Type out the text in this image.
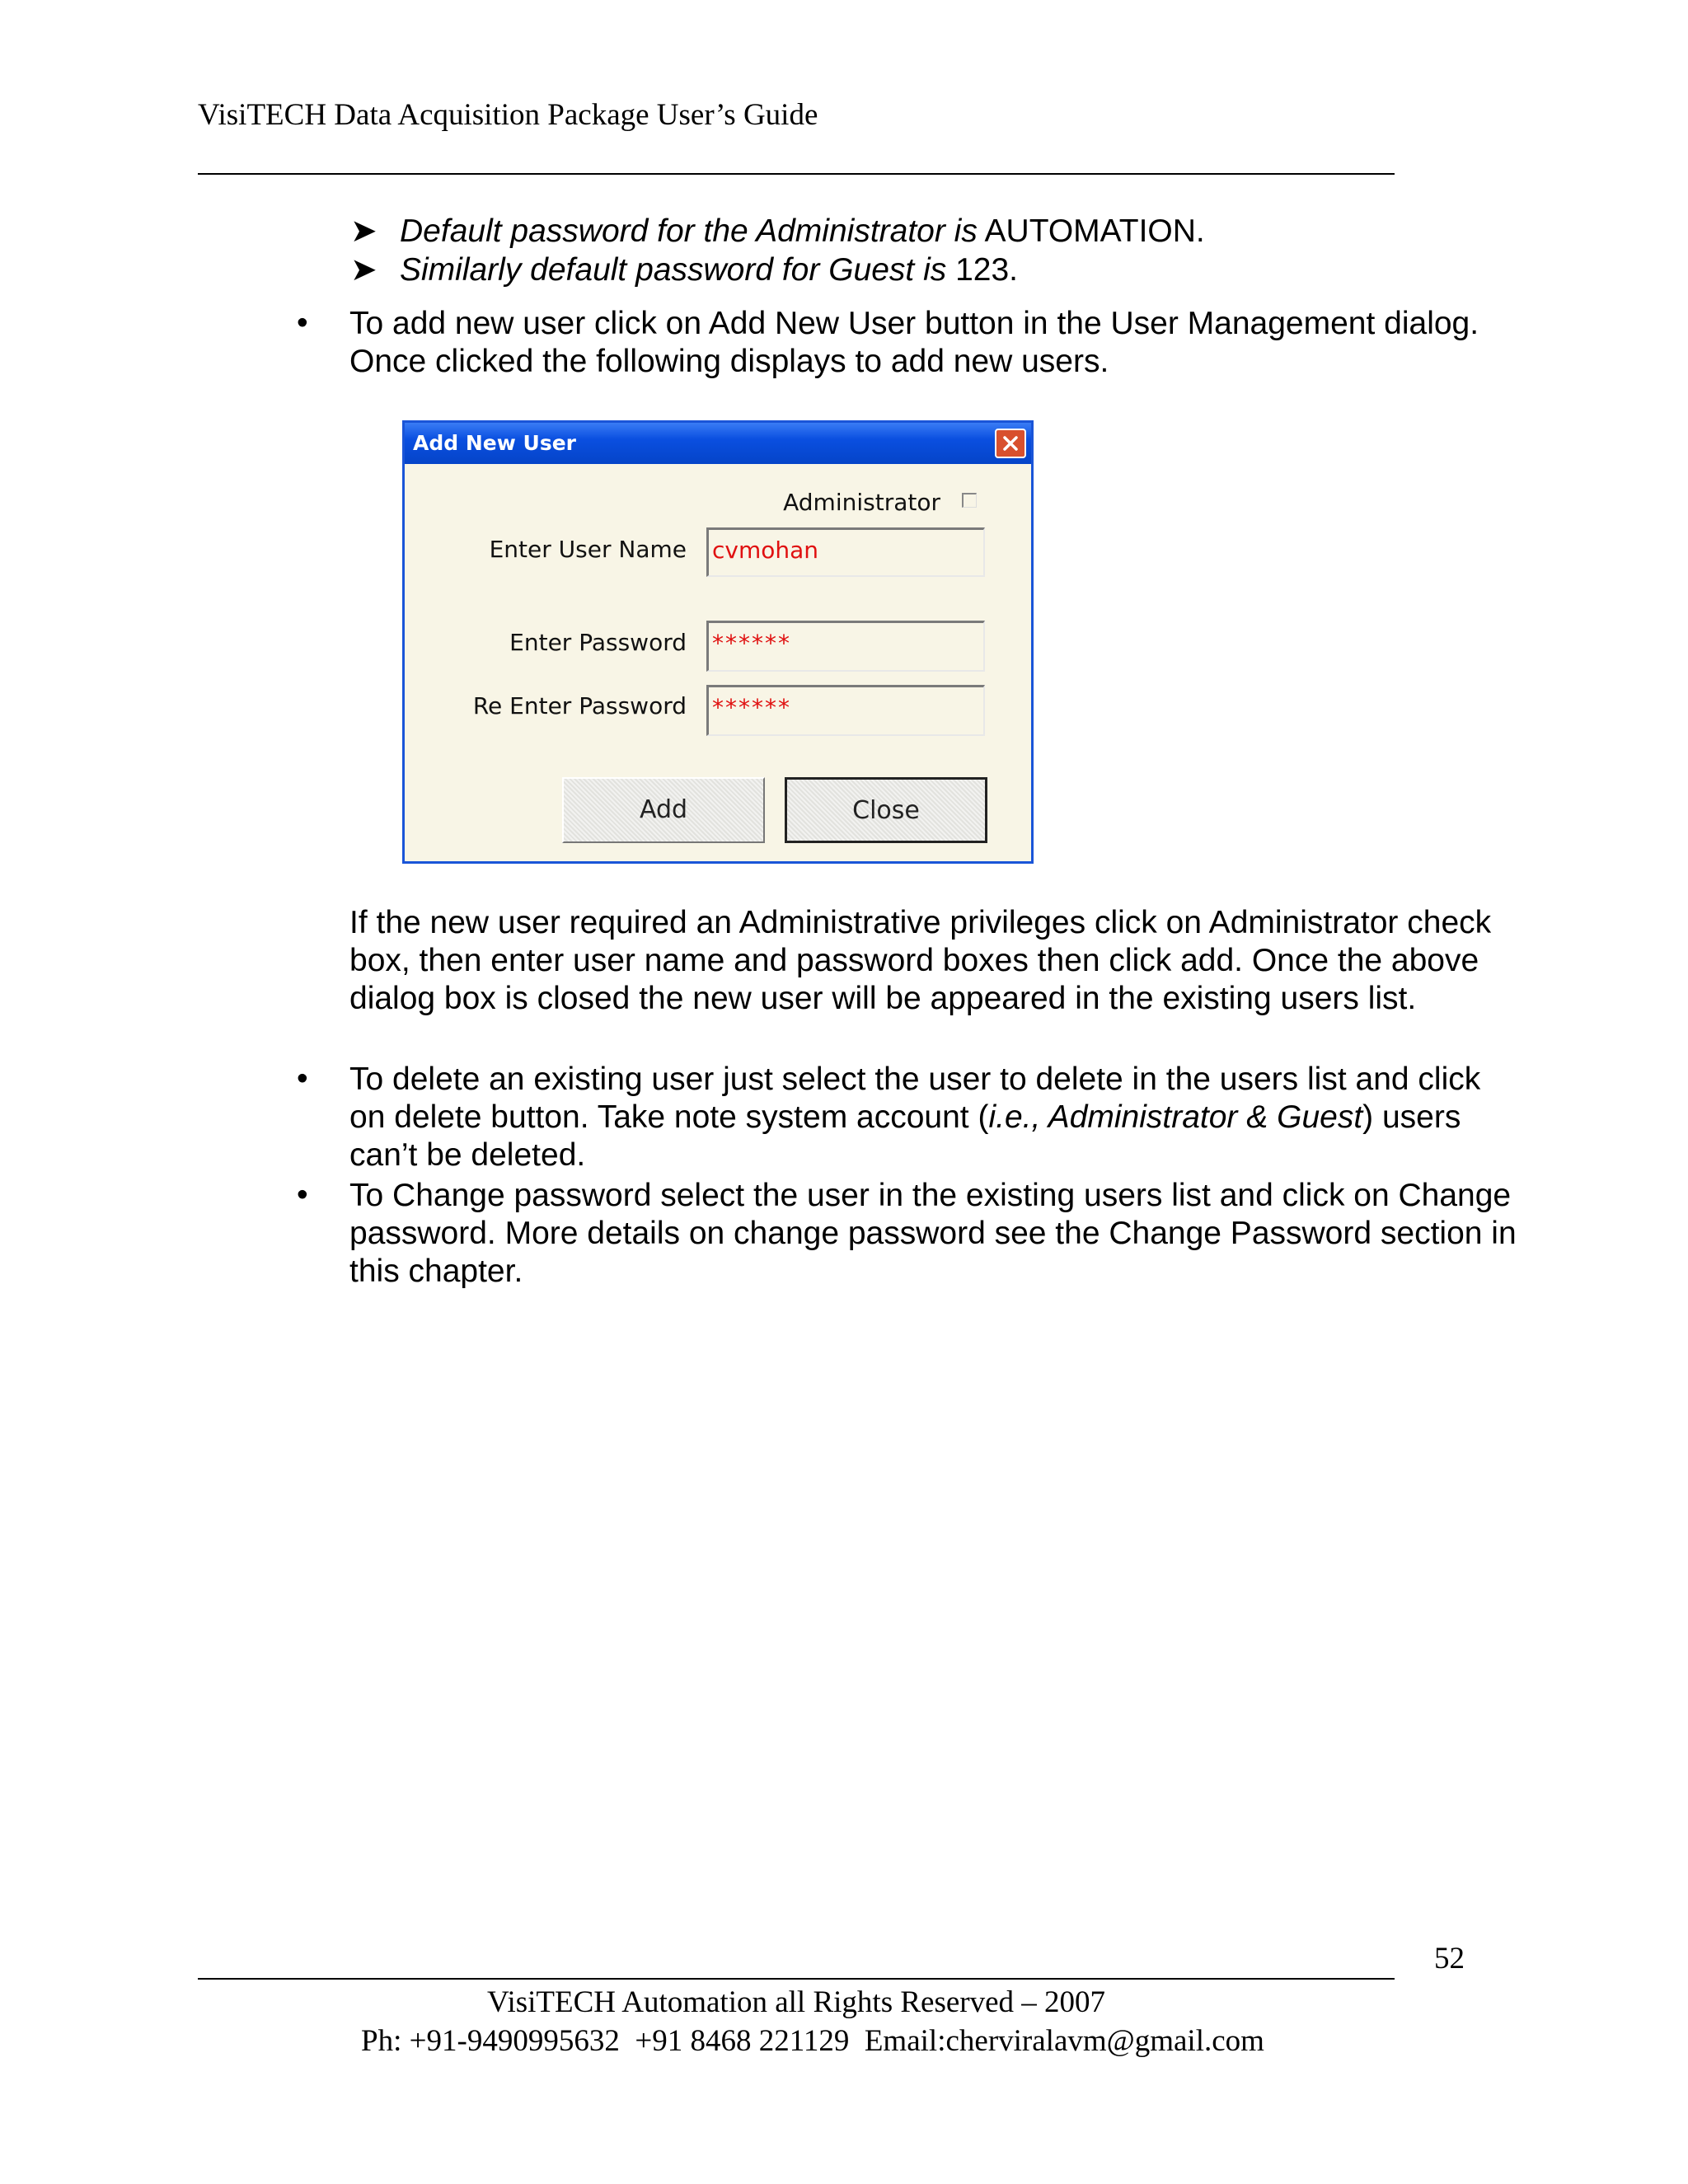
VisiTECH Data Acquisition Package User’s Guide
➤ Default password for the Administrator is AUTOMATION.
➤ Similarly default password for Guest is 123.
• To add new user click on Add New User button in the User Management dialog. Once clicked the following displays to add new users.
Add New User
Administrator
Enter User Name cvmohan
Enter Password ******
Re Enter Password ******
Add	Close
If the new user required an Administrative privileges click on Administrator check box, then enter user name and password boxes then click add. Once the above dialog box is closed the new user will be appeared in the existing users list.
• To delete an existing user just select the user to delete in the users list and click on delete button. Take note system account (i.e., Administrator & Guest) users can’t be deleted.
• To Change password select the user in the existing users list and click on Change password. More details on change password see the Change Password section in this chapter.
52
VisiTECH Automation all Rights Reserved – 2007
Ph: +91-9490995632  +91 8468 221129  Email:cherviralavm@gmail.com
